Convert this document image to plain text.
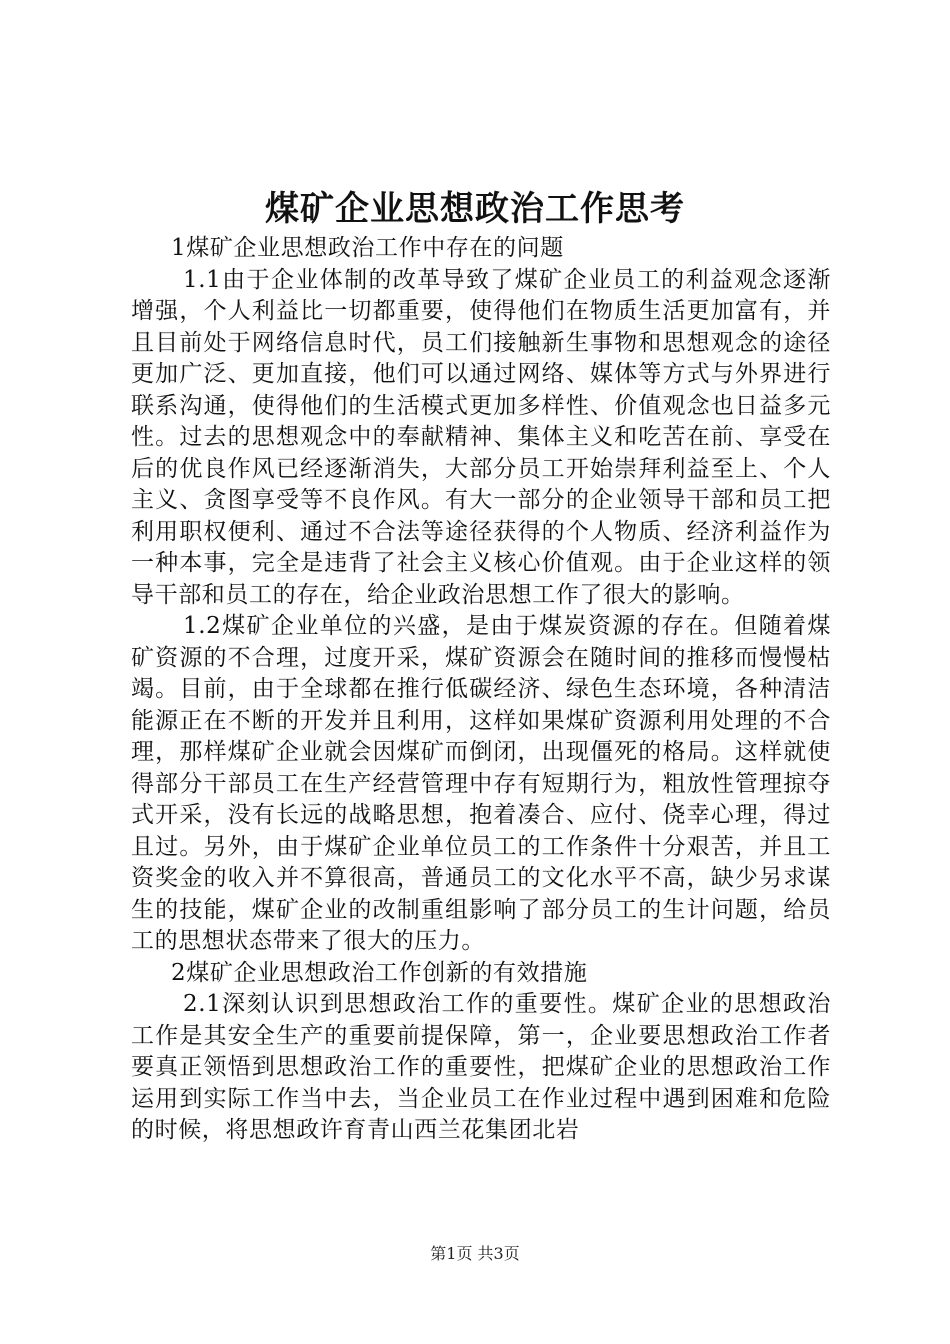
煤矿企业思想政治工作思考

1煤矿企业思想政治工作中存在的问题

1.1由于企业体制的改革导致了煤矿企业员工的利益观念逐渐增强，个人利益比一切都重要，使得他们在物质生活更加富有，并且目前处于网络信息时代，员工们接触新生事物和思想观念的途径更加广泛、更加直接，他们可以通过网络、媒体等方式与外界进行联系沟通，使得他们的生活模式更加多样性、价值观念也日益多元性。过去的思想观念中的奉献精神、集体主义和吃苦在前、享受在后的优良作风已经逐渐消失，大部分员工开始崇拜利益至上、个人主义、贪图享受等不良作风。有大一部分的企业领导干部和员工把利用职权便利、通过不合法等途径获得的个人物质、经济利益作为一种本事，完全是违背了社会主义核心价值观。由于企业这样的领导干部和员工的存在，给企业政治思想工作了很大的影响。

1.2煤矿企业单位的兴盛，是由于煤炭资源的存在。但随着煤矿资源的不合理，过度开采，煤矿资源会在随时间的推移而慢慢枯竭。目前，由于全球都在推行低碳经济、绿色生态环境，各种清洁能源正在不断的开发并且利用，这样如果煤矿资源利用处理的不合理，那样煤矿企业就会因煤矿而倒闭，出现僵死的格局。这样就使得部分干部员工在生产经营管理中存有短期行为，粗放性管理掠夺式开采，没有长远的战略思想，抱着凑合、应付、侥幸心理，得过且过。另外，由于煤矿企业单位员工的工作条件十分艰苦，并且工资奖金的收入并不算很高，普通员工的文化水平不高，缺少另求谋生的技能，煤矿企业的改制重组影响了部分员工的生计问题，给员工的思想状态带来了很大的压力。

2煤矿企业思想政治工作创新的有效措施

2.1深刻认识到思想政治工作的重要性。煤矿企业的思想政治工作是其安全生产的重要前提保障，第一，企业要思想政治工作者要真正领悟到思想政治工作的重要性，把煤矿企业的思想政治工作运用到实际工作当中去，当企业员工在作业过程中遇到困难和危险的时候，将思想政许育青山西兰花集团北岩

第1页 共3页
